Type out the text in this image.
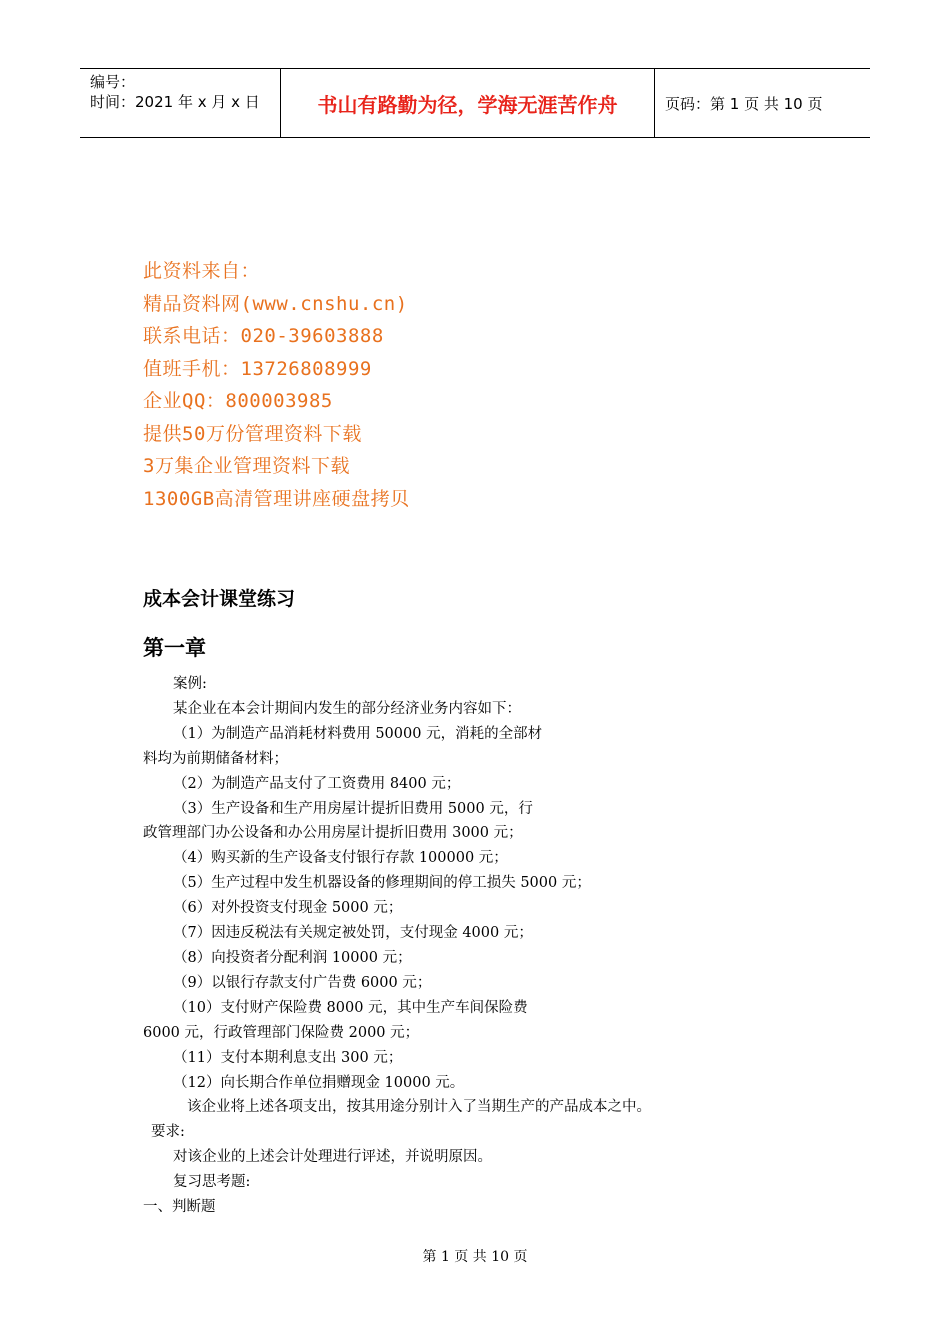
编号：
时间：2021 年 x 月 x 日	书山有路勤为径，学海无涯苦作舟	页码：第 1 页 共 10 页
此资料来自：
精品资料网(www.cnshu.cn)
联系电话：020-39603888
值班手机：13726808999
企业QQ：800003985
提供50万份管理资料下载
3万集企业管理资料下载
1300GB高清管理讲座硬盘拷贝
成本会计课堂练习
第一章
案例:
某企业在本会计期间内发生的部分经济业务内容如下：
（1）为制造产品消耗材料费用 50000 元，消耗的全部材
料均为前期储备材料；
（2）为制造产品支付了工资费用 8400 元；
（3）生产设备和生产用房屋计提折旧费用 5000 元，行
政管理部门办公设备和办公用房屋计提折旧费用 3000 元；
（4）购买新的生产设备支付银行存款 100000 元；
（5）生产过程中发生机器设备的修理期间的停工损失 5000 元；
（6）对外投资支付现金 5000 元；
（7）因违反税法有关规定被处罚，支付现金 4000 元；
（8）向投资者分配利润 10000 元；
（9）以银行存款支付广告费 6000 元；
（10）支付财产保险费 8000 元，其中生产车间保险费
6000 元，行政管理部门保险费 2000 元；
（11）支付本期利息支出 300 元；
（12）向长期合作单位捐赠现金 10000 元。
该企业将上述各项支出，按其用途分别计入了当期生产的产品成本之中。
要求:
对该企业的上述会计处理进行评述，并说明原因。
复习思考题:
一、判断题
第 1 页 共 10 页
